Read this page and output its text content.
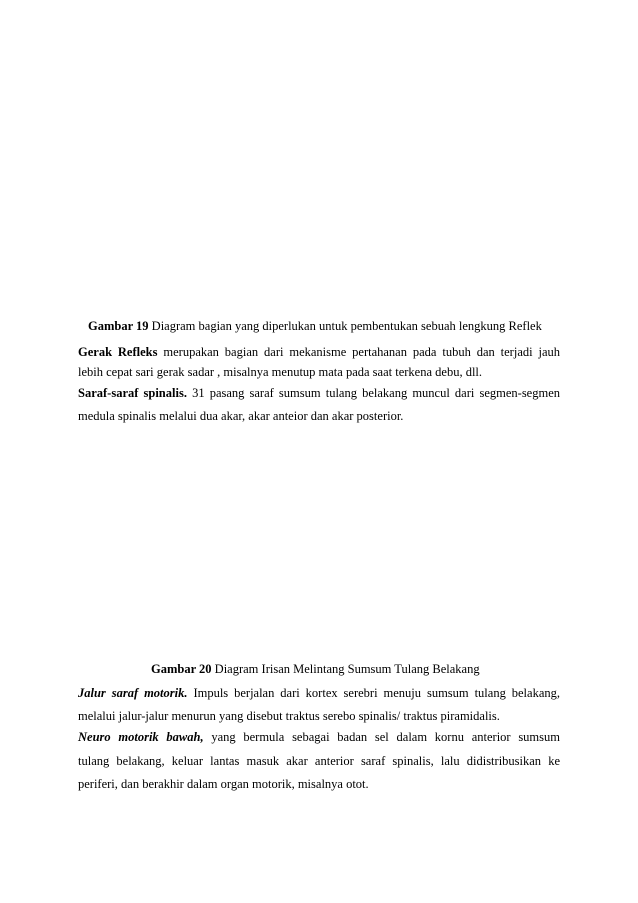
Gambar 19 Diagram bagian yang diperlukan untuk pembentukan sebuah lengkung Reflek
Gerak Refleks merupakan bagian dari mekanisme pertahanan pada tubuh dan terjadi jauh
lebih cepat sari gerak sadar , misalnya menutup mata pada saat terkena debu, dll.
Saraf-saraf spinalis. 31 pasang saraf sumsum tulang belakang muncul dari segmen-segmen
medula spinalis melalui dua akar, akar anteior dan akar posterior.
Gambar 20 Diagram Irisan Melintang Sumsum Tulang Belakang
Jalur saraf motorik. Impuls berjalan dari kortex serebri menuju sumsum tulang belakang,
melalui jalur-jalur menurun yang disebut traktus serebo spinalis/ traktus piramidalis.
Neuro motorik bawah, yang bermula sebagai badan sel dalam kornu anterior sumsum
tulang belakang, keluar lantas masuk akar anterior saraf spinalis, lalu didistribusikan ke
periferi, dan berakhir dalam organ motorik, misalnya otot.
